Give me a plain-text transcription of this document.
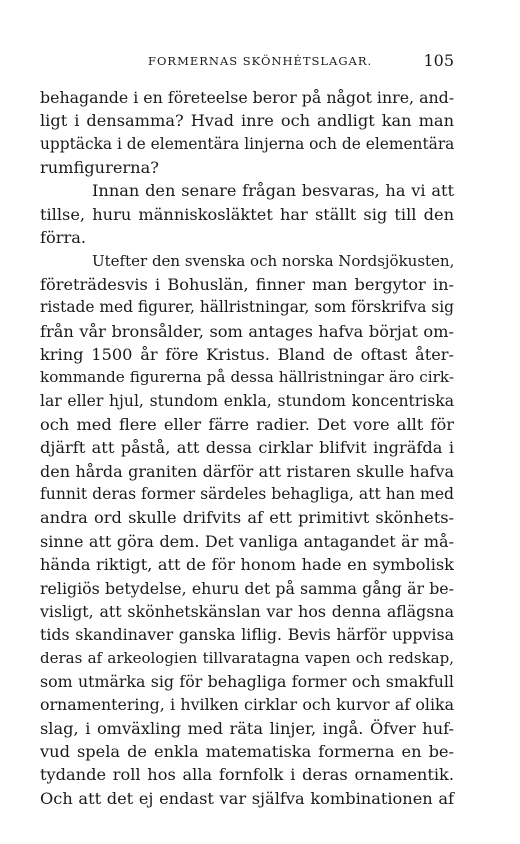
FORMERNAS SKÖNHÉTSLAGAR.	105
behagande i en företeelse beror på något inre, and-
ligt i densamma? Hvad inre och andligt kan man
upptäcka i de elementära linjerna och de elementära
rumfigurerna?
Innan den senare frågan besvaras, ha vi att
tillse, huru människosläktet har ställt sig till den
förra.
Utefter den svenska och norska Nordsjökusten,
företrädesvis i Bohuslän, finner man bergytor in-
ristade med figurer, hällristningar, som förskrifva sig
från vår bronsålder, som antages hafva börjat om-
kring 1500 år före Kristus. Bland de oftast åter-
kommande figurerna på dessa hällristningar äro cirk-
lar eller hjul, stundom enkla, stundom koncentriska
och med flere eller färre radier. Det vore allt för
djärft att påstå, att dessa cirklar blifvit ingräfda i
den hårda graniten därför att ristaren skulle hafva
funnit deras former särdeles behagliga, att han med
andra ord skulle drifvits af ett primitivt skönhets-
sinne att göra dem. Det vanliga antagandet är må-
hända riktigt, att de för honom hade en symbolisk
religiös betydelse, ehuru det på samma gång är be-
visligt, att skönhetskänslan var hos denna aflägsna
tids skandinaver ganska liflig. Bevis härför uppvisa
deras af arkeologien tillvaratagna vapen och redskap,
som utmärka sig för behagliga former och smakfull
ornamentering, i hvilken cirklar och kurvor af olika
slag, i omväxling med räta linjer, ingå. Öfver huf-
vud spela de enkla matematiska formerna en be-
tydande roll hos alla fornfolk i deras ornamentik.
Och att det ej endast var själfva kombinationen af
